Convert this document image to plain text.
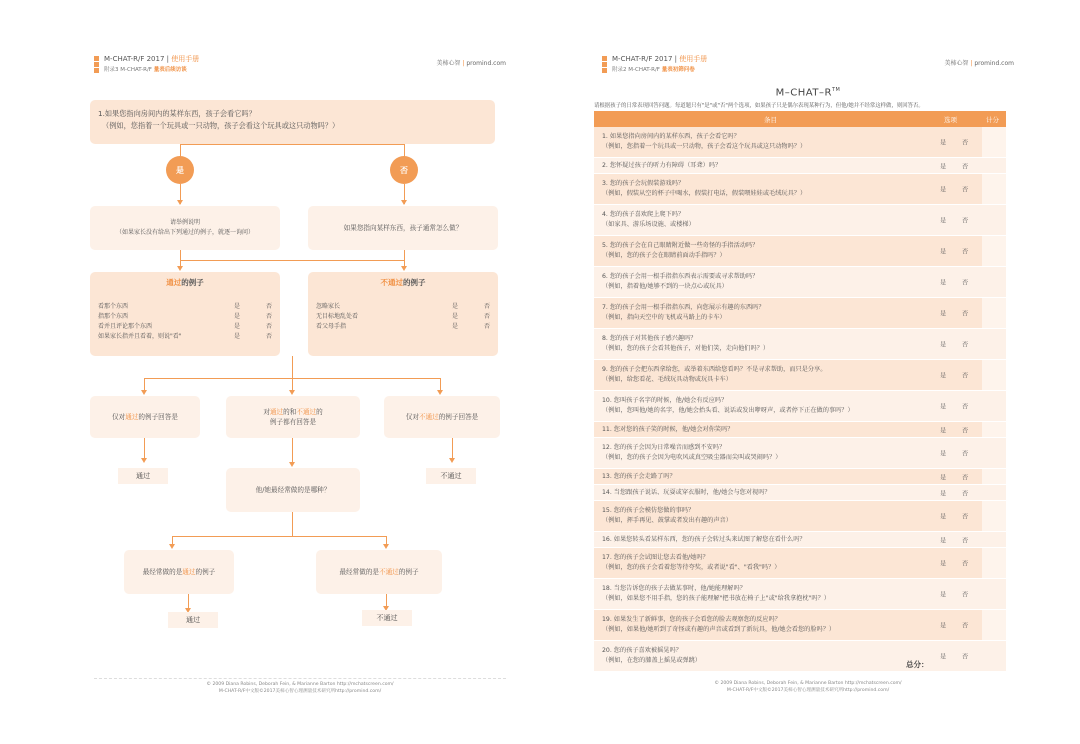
M-CHAT-R/F 2017 | 使用手册
附录3 M-CHAT-R/F 量表后续访谈
美柿心智 | promind.com
1.如果您指向房间内的某样东西，孩子会看它吗？
（例如，您指着一个玩具或一只动物，孩子会看这个玩具或这只动物吗？）
是	否
请举例说明
（如果家长没有给出下列通过的例子，就逐一询问）
如果您指向某样东西，孩子通常怎么做？
通过 的例子
看那个东西	是	否
指那个东西	是	否
看并且评论那个东西	是	否
如果家长指并且看着，则说"看"	是	否
不通过 的例子
忽略家长	是	否
无目标地乱处看	是	否
看父母手指	是	否
仅对 通过 的例子回答是
对通过的和不通过的
例子都有回答是
仅对 不通过 的例子回答是
通过	不通过
他/她最经常做的是哪种？
最经常做的是 通过 的例子	最经常做的是 不通过 的例子
通过	不通过
© 2009 Diana Robins, Deborah Fein, & Marianne Barton http://mchatscreen.com/
M-CHAT-R/F中文版©2017美柿心智心理测量技术研究所http://promind.com/
M-CHAT-R/F 2017 | 使用手册
附录2 M-CHAT-R/F 量表初筛问卷
美柿心智 | promind.com
M–CHAT–R™
请根据孩子的日常表现回答问题。每道题只有"是"或"否"两个选项，如果孩子只是偶尔表现某种行为，但他/她并不经常这样做，则回答否。
条目	选项	计分
1. 如果您指向房间内的某样东西，孩子会看它吗？
（例如，您指着一个玩具或一只动物，孩子会看这个玩具或这只动物吗？）	是	否
2. 您怀疑过孩子的听力有障碍（耳聋）吗？	是	否
3. 您的孩子会玩假装游戏吗？
（例如，假装从空的杯子中喝水，假装打电话，假装喂娃娃或毛绒玩具？）	是	否
4. 您的孩子喜欢爬上爬下吗？
（如家具、游乐场设施、或楼梯）	是	否
5. 您的孩子会在自己眼睛附近做一些奇怪的手指活动吗？
（例如，您的孩子会在眼睛前面动手指吗？）	是	否
6. 您的孩子会用一根手指指东西表示需要或寻求帮助吗？
（例如，指着他/她够不到的一块点心或玩具）	是	否
7. 您的孩子会用一根手指指东西，向您展示有趣的东西吗？
（例如，指向天空中的飞机或马路上的卡车）	是	否
8. 您的孩子对其他孩子感兴趣吗？
（例如，您的孩子会看其他孩子，对他们笑，走向他们吗？）	是	否
9. 您的孩子会把东西拿给您，或举着东西给您看吗？不是寻求帮助，而只是分享。
（例如，给您看花、毛绒玩具动物或玩具卡车）	是	否
10. 您叫孩子名字的时候，他/她会有反应吗？
（例如，您叫他/她的名字，他/她会抬头看、说话或发出咿呀声，或者停下正在做的事吗？）	是	否
11. 您对您的孩子笑的时候，他/她会对你笑吗？	是	否
12. 您的孩子会因为日常噪音而感到不安吗？
（例如，您的孩子会因为电吹风或真空吸尘器而尖叫或哭闹吗？）	是	否
13. 您的孩子会走路了吗？	是	否
14. 当您跟孩子说话、玩耍或穿衣服时，他/她会与您对视吗？	是	否
15. 您的孩子会模仿您做的事吗？
（例如，挥手再见、鼓掌或者发出有趣的声音）	是	否
16. 如果您转头看某样东西，您的孩子会转过头来试图了解您在看什么吗？	是	否
17. 您的孩子会试图让您去看他/她吗？
（例如，您的孩子会看着您等待夸奖，或者说"看"、"看我"吗？）	是	否
18. 当您告诉您的孩子去做某事时，他/她能理解吗？
（例如，如果您不用手指，您的孩子能理解"把书放在椅子上"或"给我拿抱枕"吗？）	是	否
19. 如果发生了新鲜事，您的孩子会看您的脸去观察您的反应吗？
（例如，如果他/她听到了奇怪或有趣的声音或看到了新玩具，他/她会看您的脸吗？）	是	否
20. 您的孩子喜欢被摇晃吗？
（例如，在您的膝盖上摇晃或弹跳）	是	否
总分：
© 2009 Diana Robins, Deborah Fein, & Marianne Barton http://mchatscreen.com/
M-CHAT-R/F中文版©2017美柿心智心理测量技术研究所http://promind.com/
